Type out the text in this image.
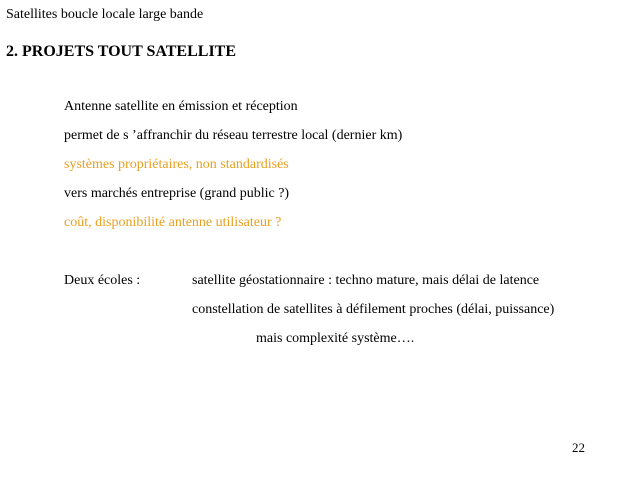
Satellites boucle locale large bande
2. PROJETS TOUT SATELLITE
Antenne satellite en émission et réception
permet de s ’affranchir du réseau terrestre local (dernier km)
systèmes propriétaires, non standardisés
vers marchés entreprise (grand public ?)
coût, disponibilité antenne utilisateur ?
Deux écoles :	satellite géostationnaire : techno mature, mais délai de latence
constellation de satellites à défilement proches (délai, puissance)
mais complexité système….
22
